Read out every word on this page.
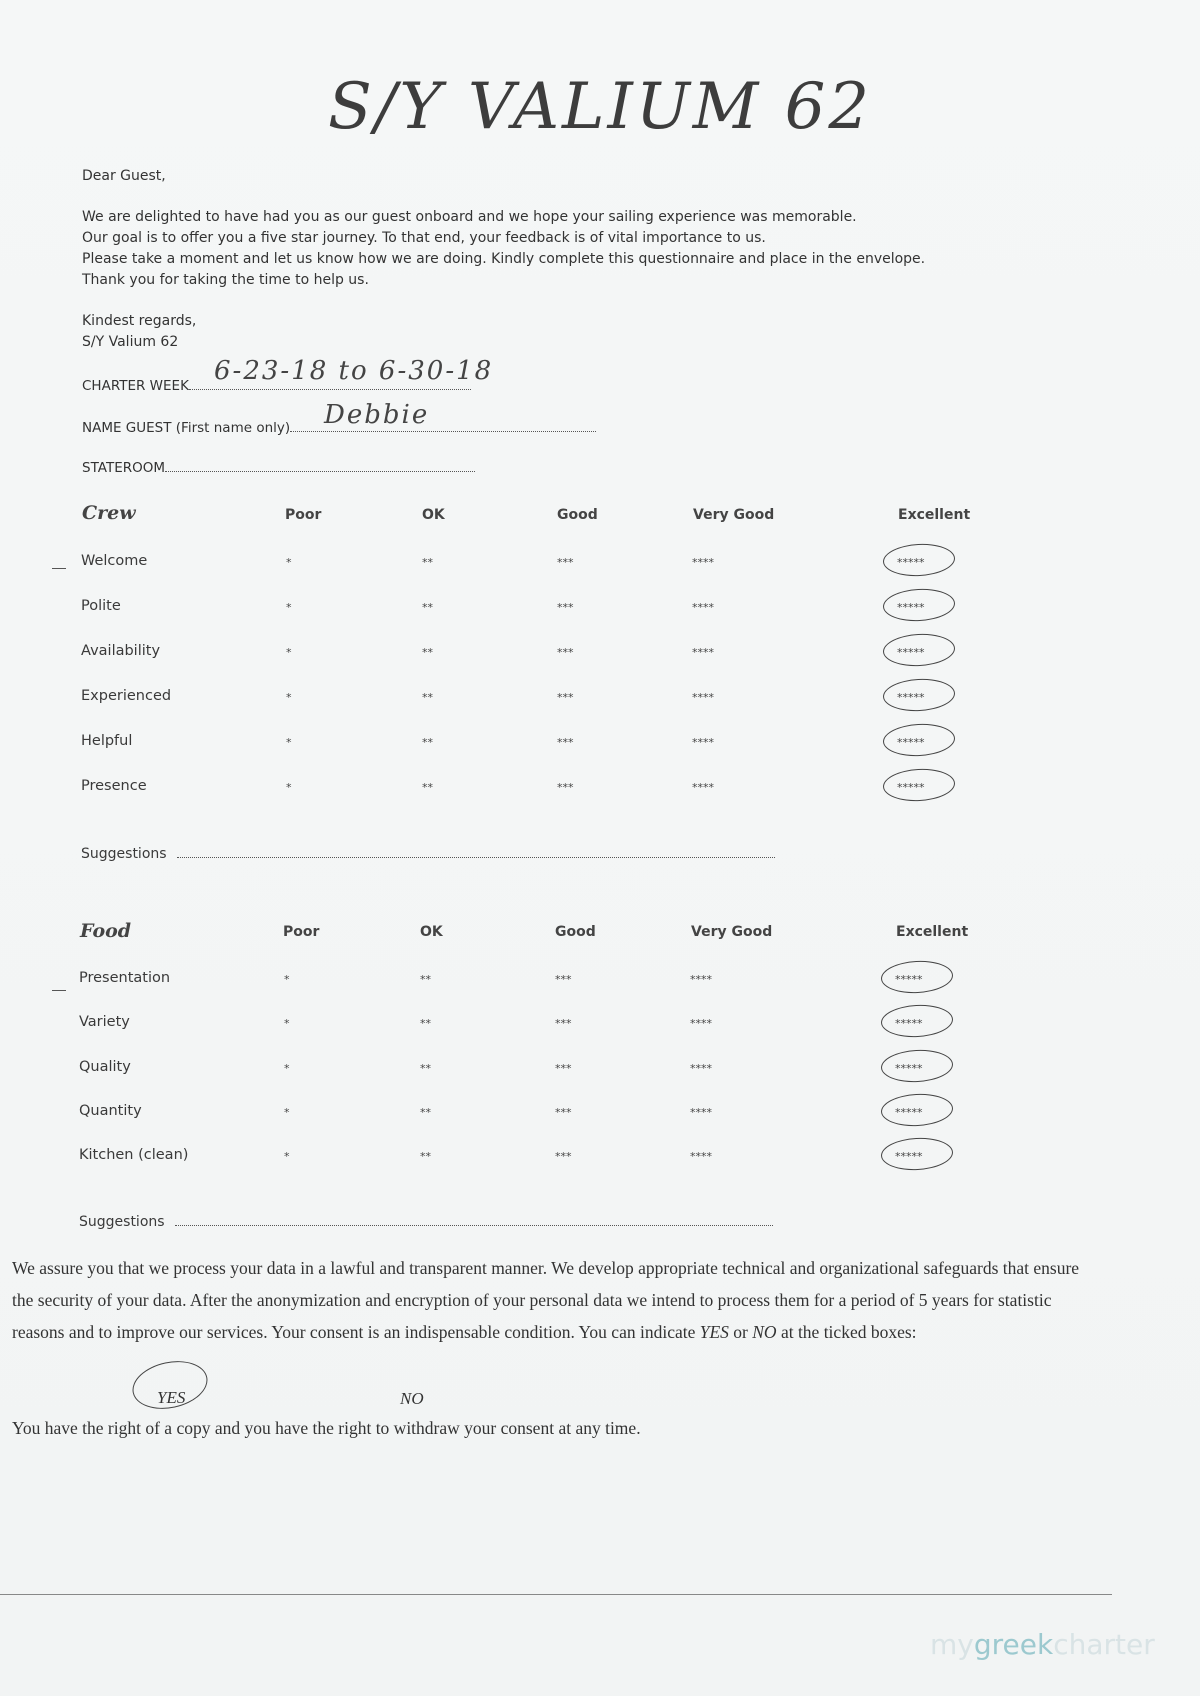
S/Y VALIUM 62

Dear Guest,

We are delighted to have had you as our guest onboard and we hope your sailing experience was memorable.

Our goal is to offer you a five star journey. To that end, your feedback is of vital importance to us.

Please take a moment and let us know how we are doing. Kindly complete this questionnaire and place in the envelope.

Thank you for taking the time to help us.

Kindest regards,

S/Y Valium 62

CHARTER WEEK 6-23-18 to 6-30-18
NAME GUEST (First name only)	Debbie
STATEROOM
Crew	Poor	OK	Good	Very Good	Excellent
Welcome	*	**	***	****	*****
Polite	*	**	***	****	*****
Availability	*	**	***	****	*****
Experienced	*	**	***	****	*****
Helpful	*	**	***	****	*****
Presence	*	**	***	****	*****
Suggestions
Food	Poor	OK	Good	Very Good	Excellent
Presentation	*	**	***	****	*****
Variety	*	**	***	****	*****
Quality	*	**	***	****	*****
Quantity	*	**	***	****	*****
Kitchen (clean)	*	**	***	****	*****
Suggestions
We assure you that we process your data in a lawful and transparent manner. We develop appropriate technical and organizational safeguards that ensure the security of your data. After the anonymization and encryption of your personal data we intend to process them for a period of 5 years for statistic reasons and to improve our services. Your consent is an indispensable condition. You can indicate YES or NO at the ticked boxes:
YES	NO
You have the right of a copy and you have the right to withdraw your consent at any time.
mygreekcharter
